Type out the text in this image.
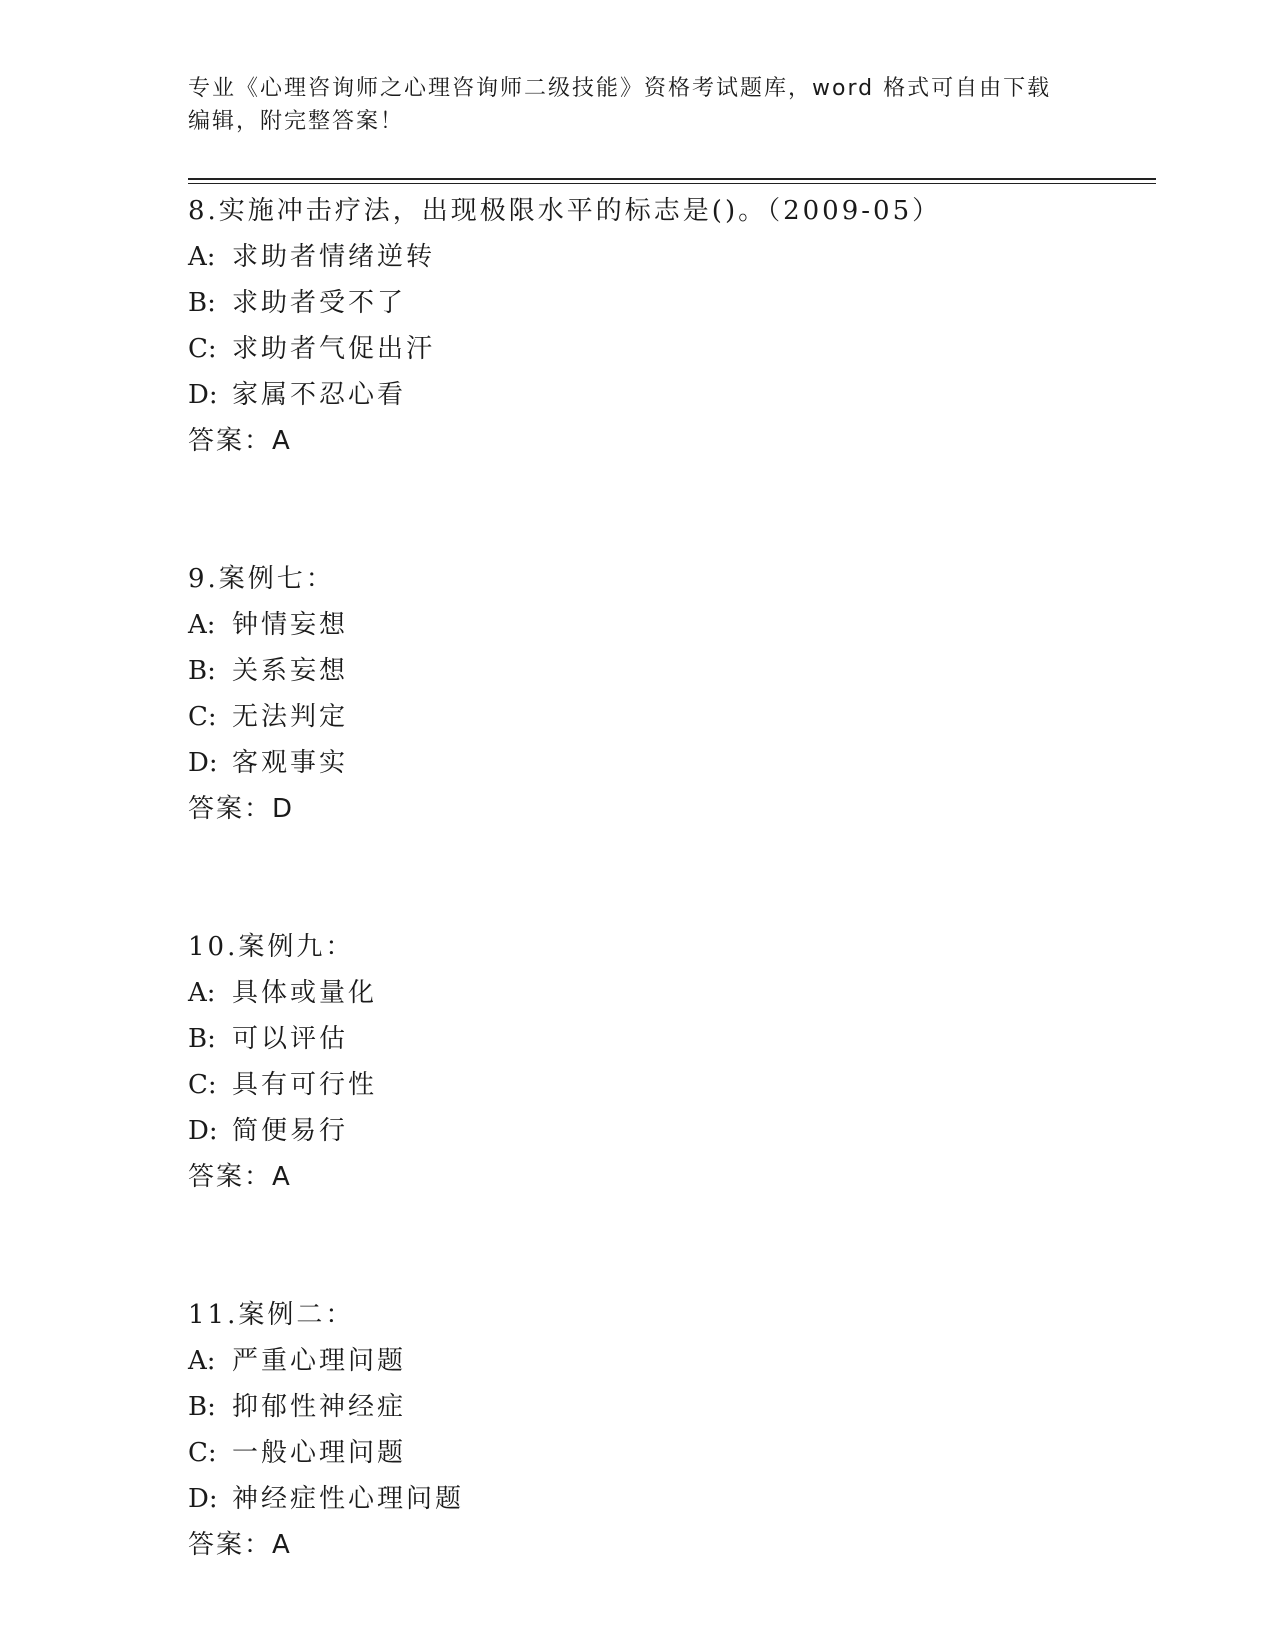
专业《心理咨询师之心理咨询师二级技能》资格考试题库，word 格式可自由下载
编辑，附完整答案！
8.实施冲击疗法，出现极限水平的标志是()。（2009-05）
A: 求助者情绪逆转
B: 求助者受不了
C: 求助者气促出汗
D: 家属不忍心看
答案：A
9.案例七：
A: 钟情妄想
B: 关系妄想
C: 无法判定
D: 客观事实
答案：D
10.案例九：
A: 具体或量化
B: 可以评估
C: 具有可行性
D: 简便易行
答案：A
11.案例二：
A: 严重心理问题
B: 抑郁性神经症
C: 一般心理问题
D: 神经症性心理问题
答案：A
